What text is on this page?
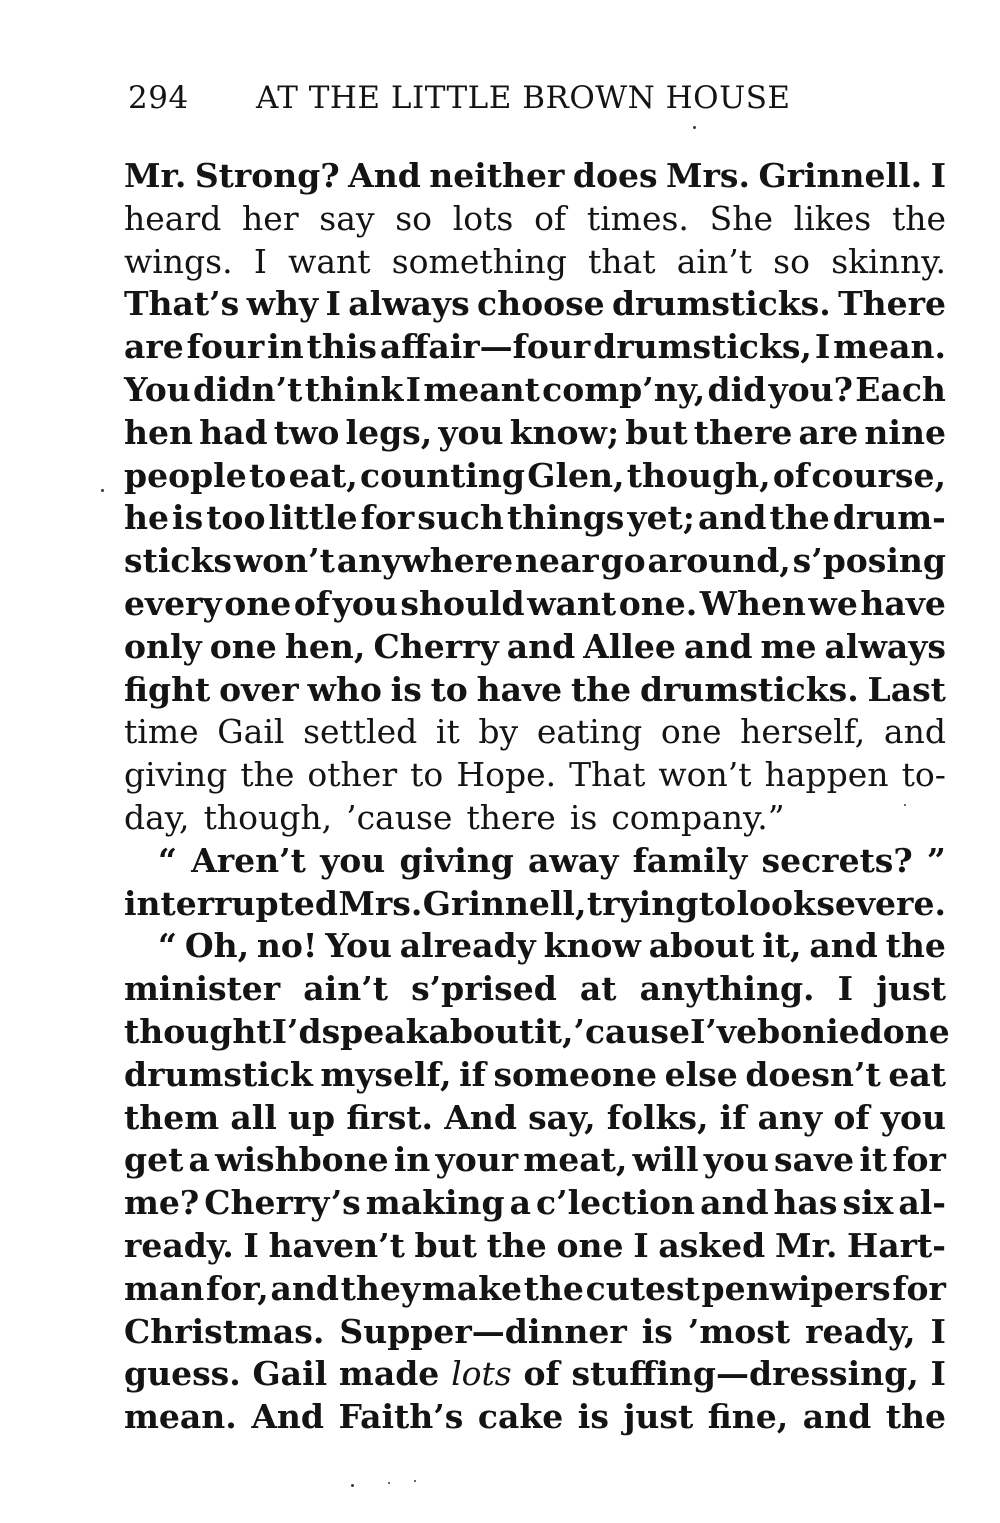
294 AT THE LITTLE BROWN HOUSE
Mr. Strong? And neither does Mrs. Grinnell. I
heard her say so lots of times. She likes the
wings. I want something that ain’t so skinny.
That’s why I always choose drumsticks. There
are four in this affair—four drumsticks, I mean.
You didn’t think I meant comp’ny, did you? Each
hen had two legs, you know; but there are nine
people to eat, counting Glen, though, of course,
he is too little for such things yet; and the drum-
sticks won’t anywhere near go around, s’posing
every one of you should want one. When we have
only one hen, Cherry and Allee and me always
fight over who is to have the drumsticks. Last
time Gail settled it by eating one herself, and
giving the other to Hope. That won’t happen to-
day, though, ’cause there is company.”
“ Aren’t you giving away family secrets? ”
interrupted Mrs. Grinnell, trying to look severe.
“ Oh, no! You already know about it, and the
minister ain’t s’prised at anything. I just
thought I’d speak about it, ’cause I’ve bonied one
drumstick myself, if someone else doesn’t eat
them all up first. And say, folks, if any of you
get a wishbone in your meat, will you save it for
me? Cherry’s making a c’lection and has six al-
ready. I haven’t but the one I asked Mr. Hart-
man for, and they make the cutest penwipers for
Christmas. Supper—dinner is ’most ready, I
guess. Gail made lots of stuffing—dressing, I
mean. And Faith’s cake is just fine, and the
